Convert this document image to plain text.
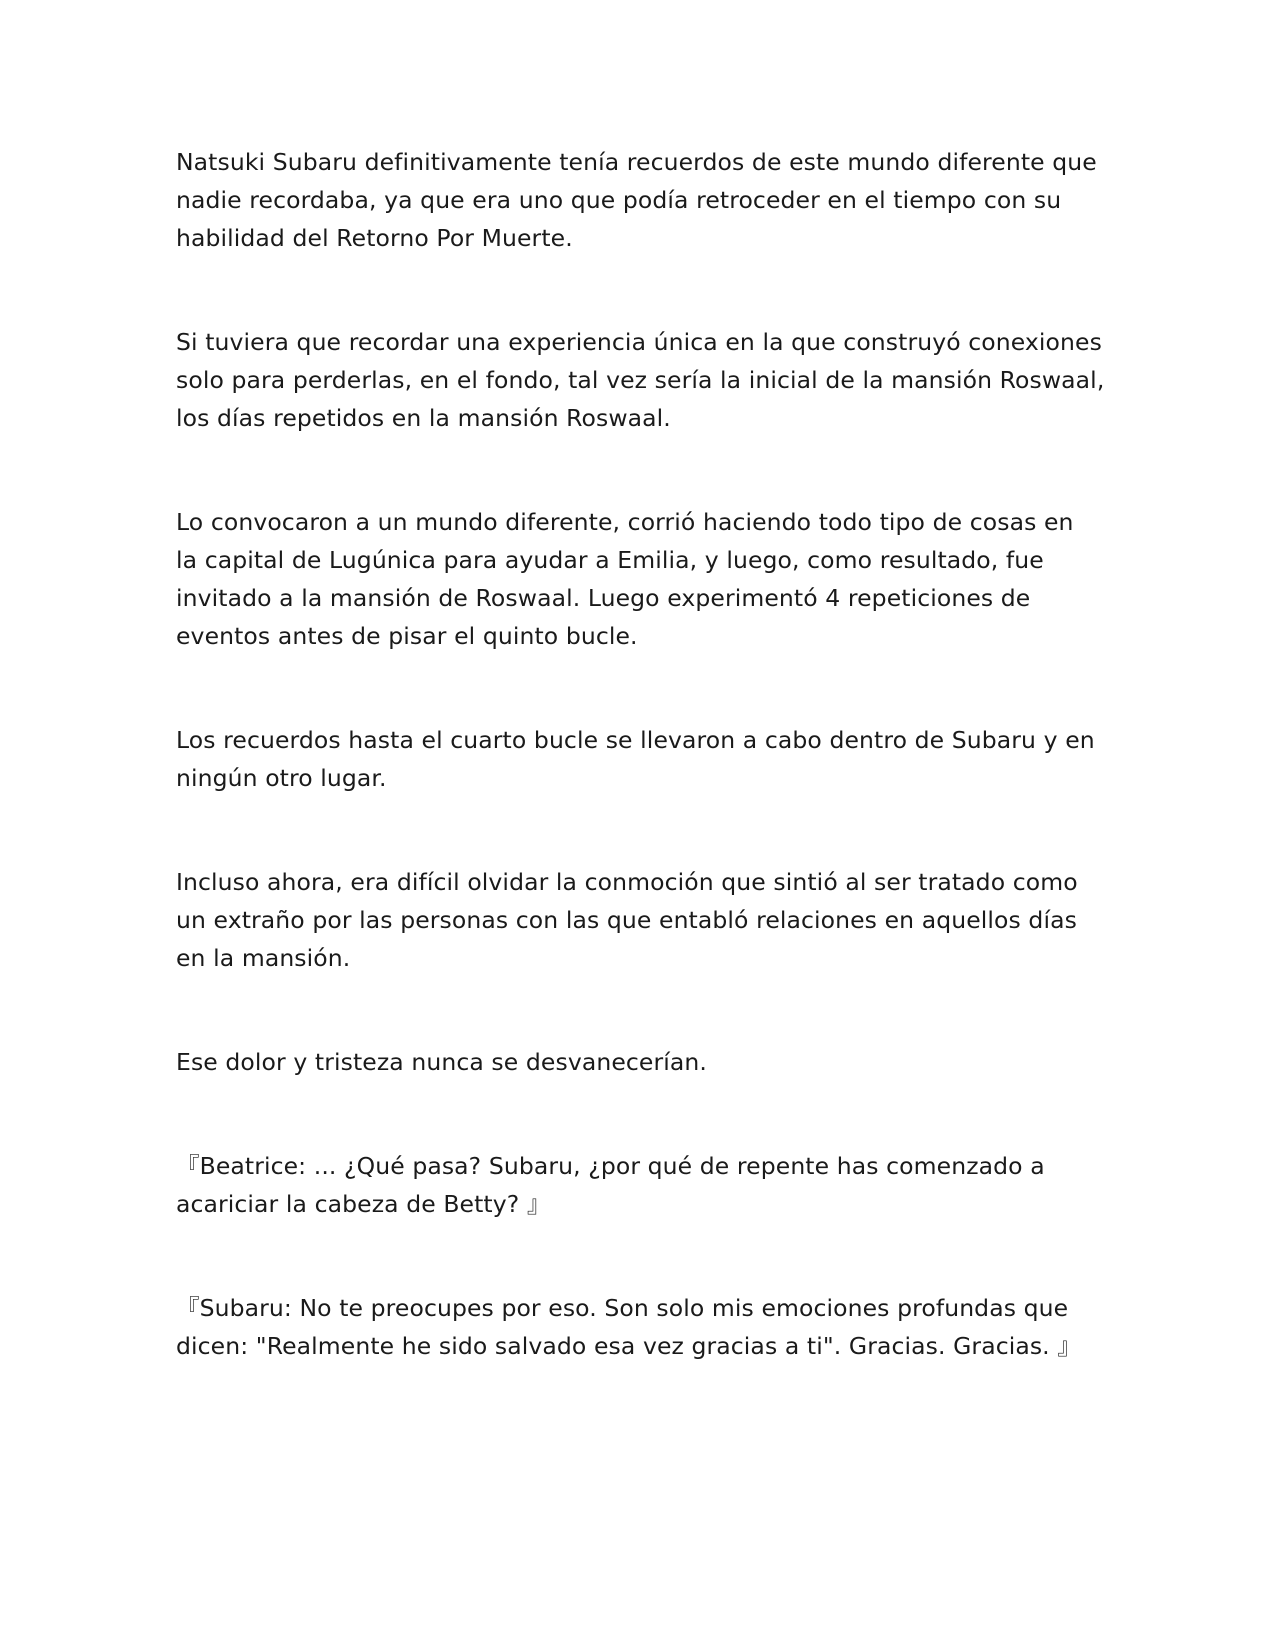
Natsuki Subaru definitivamente tenía recuerdos de este mundo diferente que
nadie recordaba, ya que era uno que podía retroceder en el tiempo con su
habilidad del Retorno Por Muerte.

Si tuviera que recordar una experiencia única en la que construyó conexiones
solo para perderlas, en el fondo, tal vez sería la inicial de la mansión Roswaal,
los días repetidos en la mansión Roswaal.

Lo convocaron a un mundo diferente, corrió haciendo todo tipo de cosas en
la capital de Lugúnica para ayudar a Emilia, y luego, como resultado, fue
invitado a la mansión de Roswaal. Luego experimentó 4 repeticiones de
eventos antes de pisar el quinto bucle.

Los recuerdos hasta el cuarto bucle se llevaron a cabo dentro de Subaru y en
ningún otro lugar.

Incluso ahora, era difícil olvidar la conmoción que sintió al ser tratado como
un extraño por las personas con las que entabló relaciones en aquellos días
en la mansión.

Ese dolor y tristeza nunca se desvanecerían.

『Beatrice: ... ¿Qué pasa? Subaru, ¿por qué de repente has comenzado a
acariciar la cabeza de Betty? 』

『Subaru: No te preocupes por eso. Son solo mis emociones profundas que
dicen: "Realmente he sido salvado esa vez gracias a ti". Gracias. Gracias. 』
